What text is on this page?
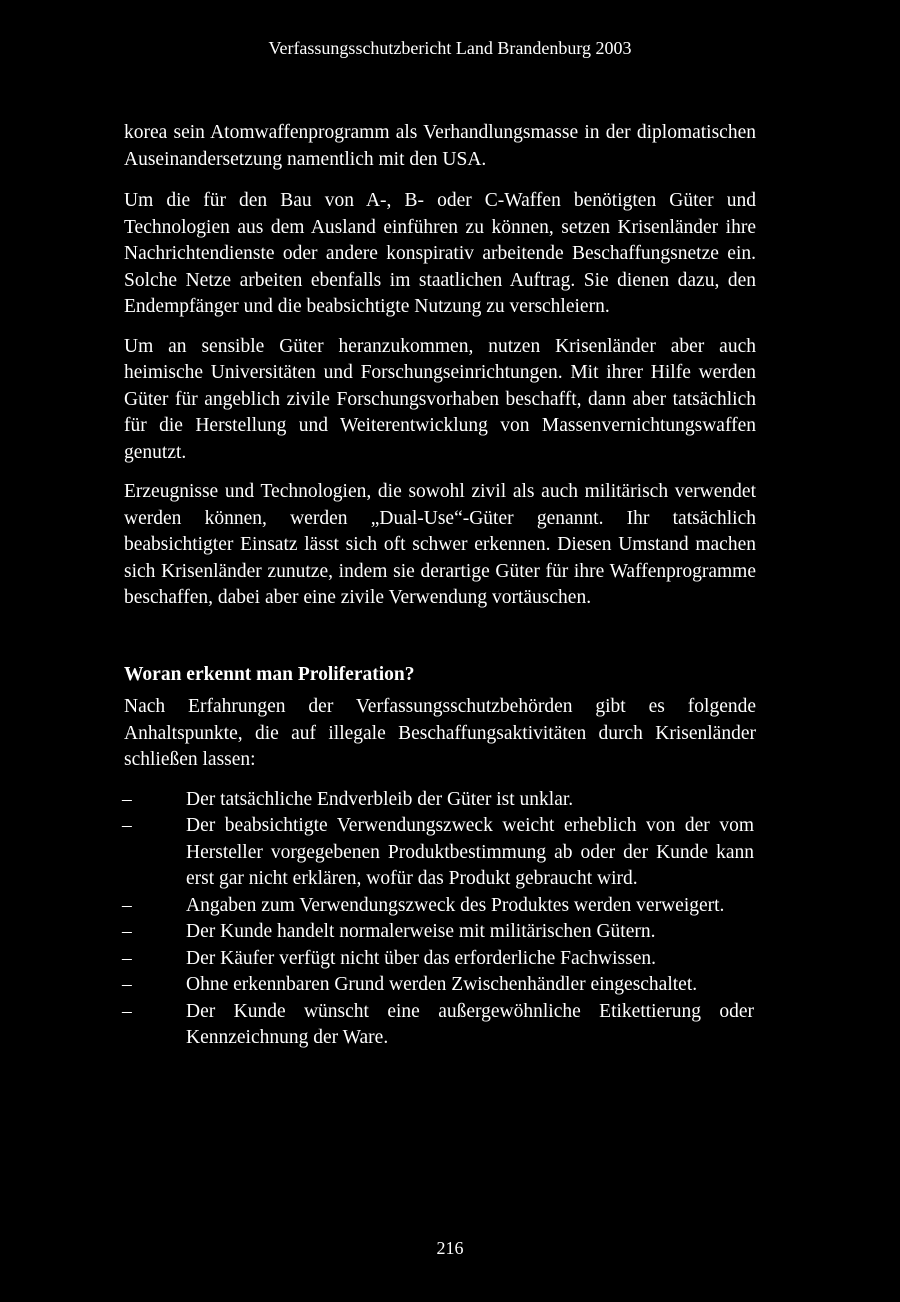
Verfassungsschutzbericht Land Brandenburg 2003

korea sein Atomwaffenprogramm als Verhandlungsmasse in der diplomatischen Auseinandersetzung namentlich mit den USA.

Um die für den Bau von A-, B- oder C-Waffen benötigten Güter und Technologien aus dem Ausland einführen zu können, setzen Krisenländer ihre Nachrichtendienste oder andere konspirativ arbeitende Beschaffungsnetze ein. Solche Netze arbeiten ebenfalls im staatlichen Auftrag. Sie dienen dazu, den Endempfänger und die beabsichtigte Nutzung zu verschleiern.

Um an sensible Güter heranzukommen, nutzen Krisenländer aber auch heimische Universitäten und Forschungseinrichtungen. Mit ihrer Hilfe werden Güter für angeblich zivile Forschungsvorhaben beschafft, dann aber tatsächlich für die Herstellung und Weiterentwicklung von Massenvernichtungswaffen genutzt.

Erzeugnisse und Technologien, die sowohl zivil als auch militärisch verwendet werden können, werden „Dual-Use“-Güter genannt. Ihr tatsächlich beabsichtigter Einsatz lässt sich oft schwer erkennen. Diesen Umstand machen sich Krisenländer zunutze, indem sie derartige Güter für ihre Waffenprogramme beschaffen, dabei aber eine zivile Verwendung vortäuschen.

Woran erkennt man Proliferation?

Nach Erfahrungen der Verfassungsschutzbehörden gibt es folgende Anhaltspunkte, die auf illegale Beschaffungsaktivitäten durch Krisenländer schließen lassen:

–	Der tatsächliche Endverbleib der Güter ist unklar.
–	Der beabsichtigte Verwendungszweck weicht erheblich von der vom Hersteller vorgegebenen Produktbestimmung ab oder der Kunde kann erst gar nicht erklären, wofür das Produkt gebraucht wird.
–	Angaben zum Verwendungszweck des Produktes werden verweigert.
–	Der Kunde handelt normalerweise mit militärischen Gütern.
–	Der Käufer verfügt nicht über das erforderliche Fachwissen.
–	Ohne erkennbaren Grund werden Zwischenhändler eingeschaltet.
–	Der Kunde wünscht eine außergewöhnliche Etikettierung oder Kennzeichnung der Ware.
216
